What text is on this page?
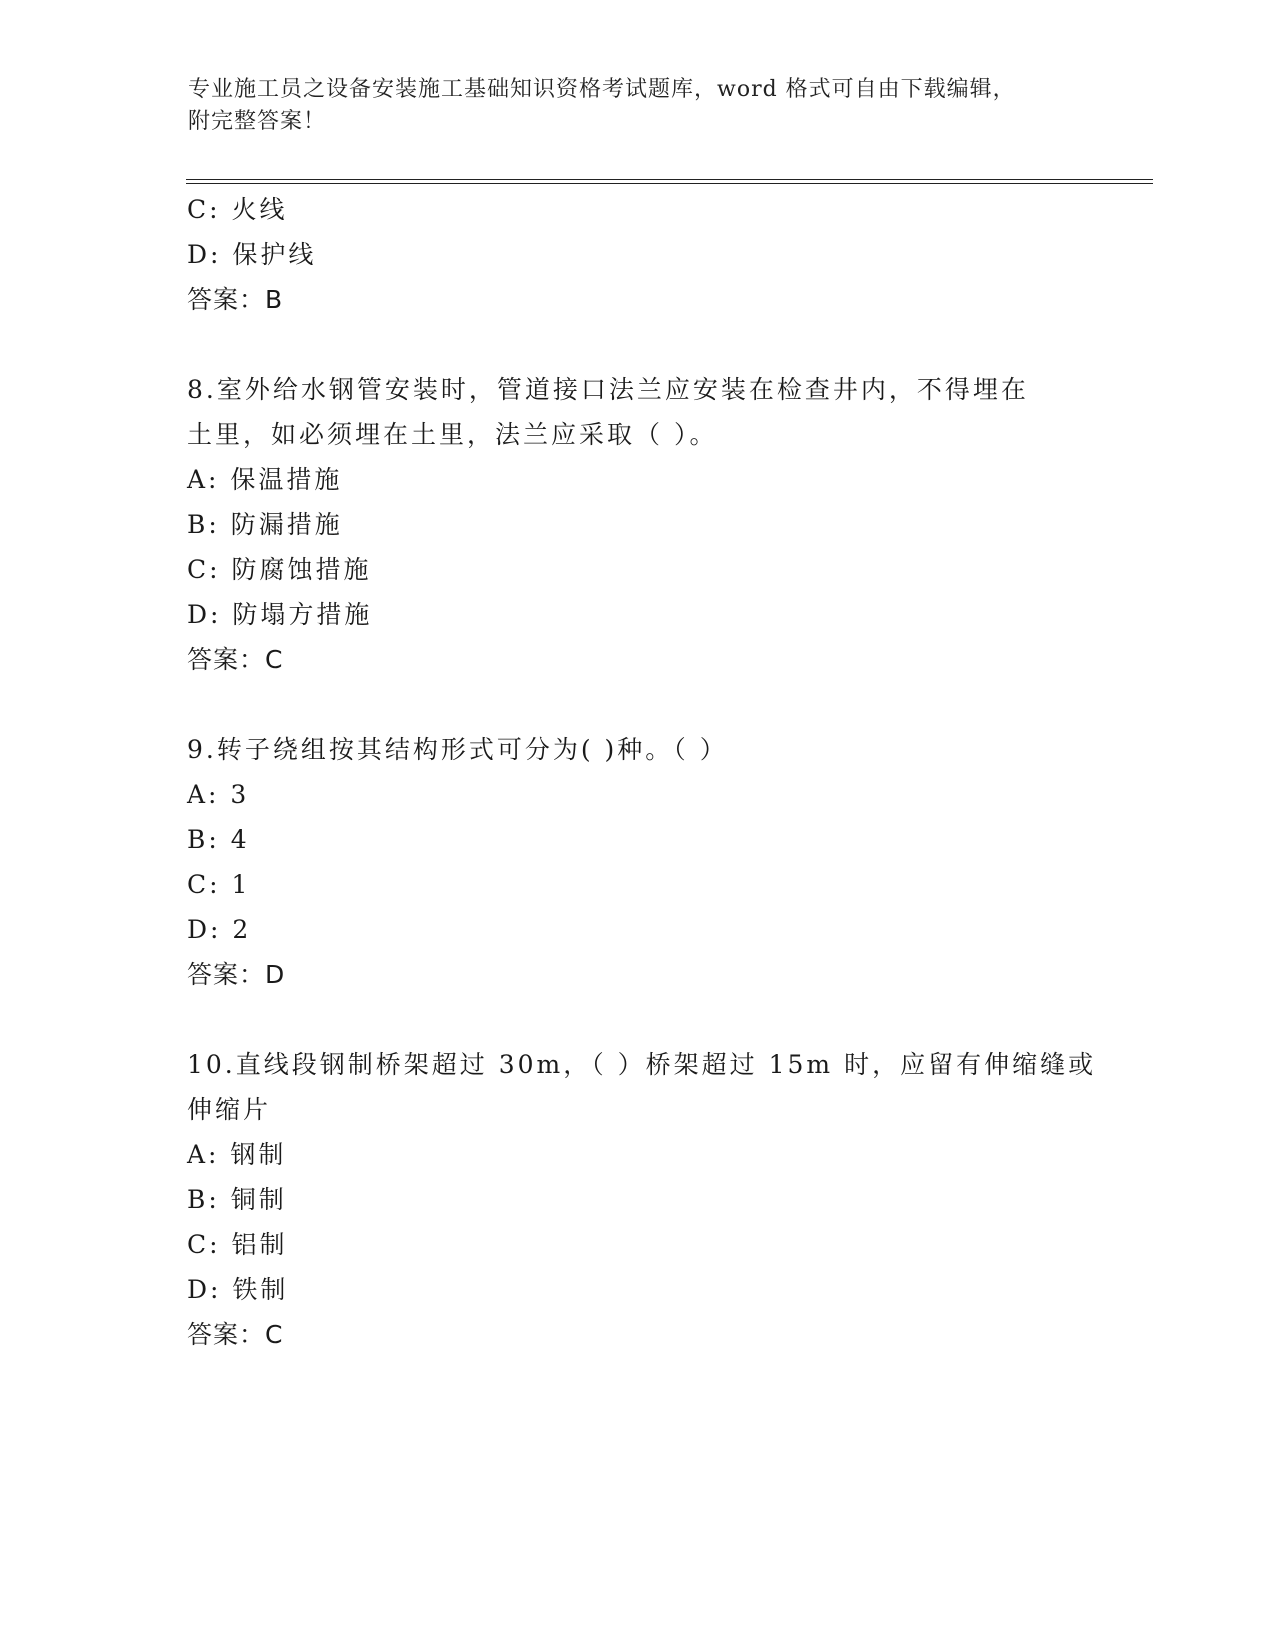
专业施工员之设备安装施工基础知识资格考试题库，word 格式可自由下载编辑，
附完整答案！
C: 火线
D: 保护线
答案：B
8.室外给水钢管安装时，管道接口法兰应安装在检查井内，不得埋在
土里，如必须埋在土里，法兰应采取（ ）。
A: 保温措施
B: 防漏措施
C: 防腐蚀措施
D: 防塌方措施
答案：C
9.转子绕组按其结构形式可分为( )种。（ ）
A: 3
B: 4
C: 1
D: 2
答案：D
10.直线段钢制桥架超过 30m，（ ）桥架超过 15m 时，应留有伸缩缝或
伸缩片
A: 钢制
B: 铜制
C: 铝制
D: 铁制
答案：C
